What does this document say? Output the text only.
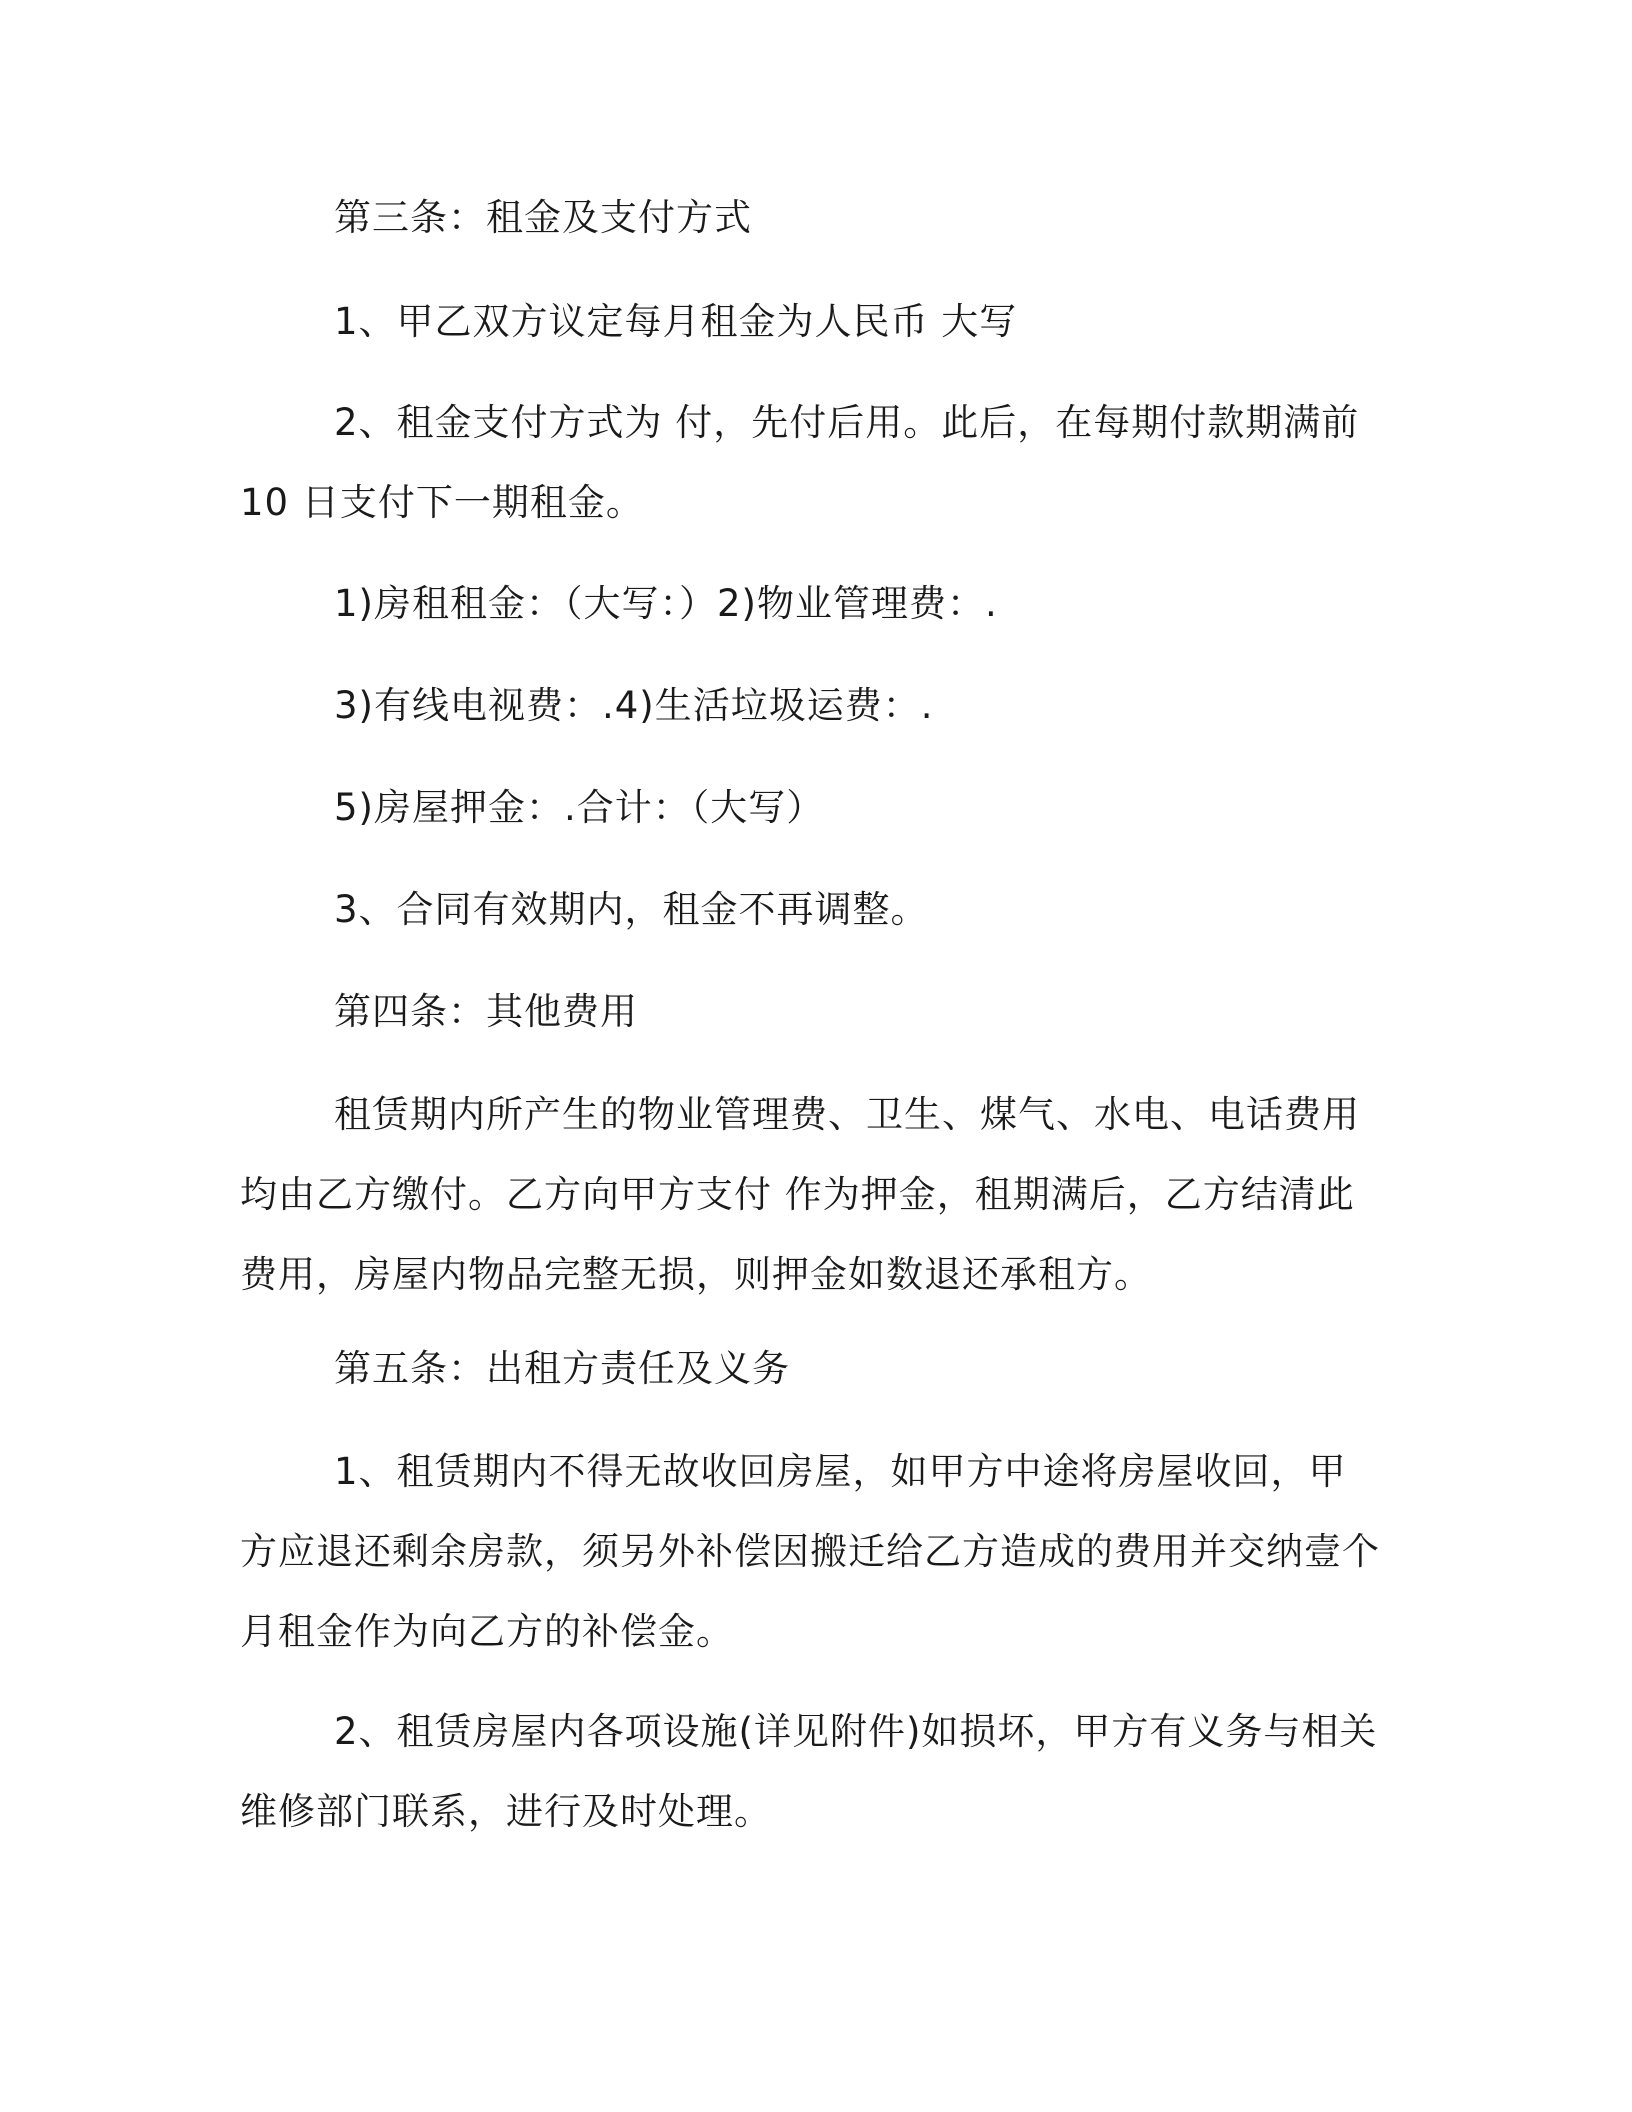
第三条：租金及支付方式

1、甲乙双方议定每月租金为人民币 大写

2、租金支付方式为 付，先付后用。此后，在每期付款期满前 10 日支付下一期租金。

1)房租租金：（大写：）2)物业管理费：.

3)有线电视费：.4)生活垃圾运费：.

5)房屋押金：.合计：（大写）

3、合同有效期内，租金不再调整。

第四条：其他费用

租赁期内所产生的物业管理费、卫生、煤气、水电、电话费用均由乙方缴付。乙方向甲方支付 作为押金，租期满后，乙方结清此费用，房屋内物品完整无损，则押金如数退还承租方。

第五条：出租方责任及义务

1、租赁期内不得无故收回房屋，如甲方中途将房屋收回，甲方应退还剩余房款，须另外补偿因搬迁给乙方造成的费用并交纳壹个月租金作为向乙方的补偿金。

2、租赁房屋内各项设施(详见附件)如损坏，甲方有义务与相关维修部门联系，进行及时处理。
